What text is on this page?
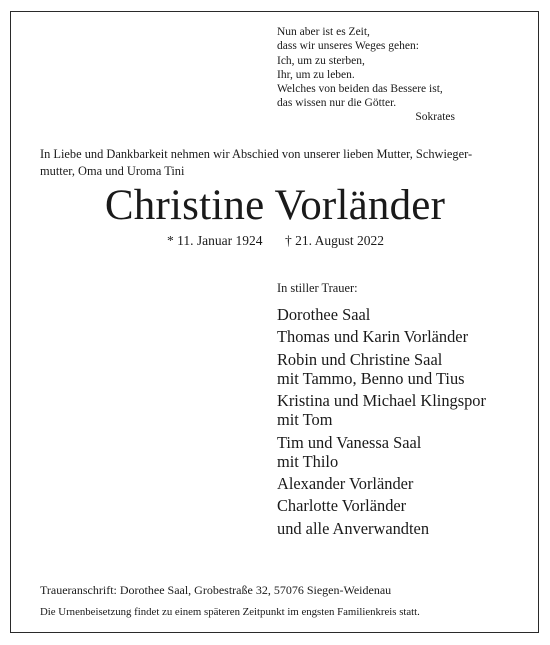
Nun aber ist es Zeit,
dass wir unseres Weges gehen:
Ich, um zu sterben,
Ihr, um zu leben.
Welches von beiden das Bessere ist,
das wissen nur die Götter.
Sokrates
In Liebe und Dankbarkeit nehmen wir Abschied von unserer lieben Mutter, Schwieger-
mutter, Oma und Uroma Tini
Christine Vorländer
* 11. Januar 1924 † 21. August 2022
In stiller Trauer:
Dorothee Saal
Thomas und Karin Vorländer
Robin und Christine Saal
mit Tammo, Benno und Tius
Kristina und Michael Klingspor
mit Tom
Tim und Vanessa Saal
mit Thilo
Alexander Vorländer
Charlotte Vorländer
und alle Anverwandten
Traueranschrift: Dorothee Saal, Grobestraße 32, 57076 Siegen-Weidenau
Die Urnenbeisetzung findet zu einem späteren Zeitpunkt im engsten Familienkreis statt.
